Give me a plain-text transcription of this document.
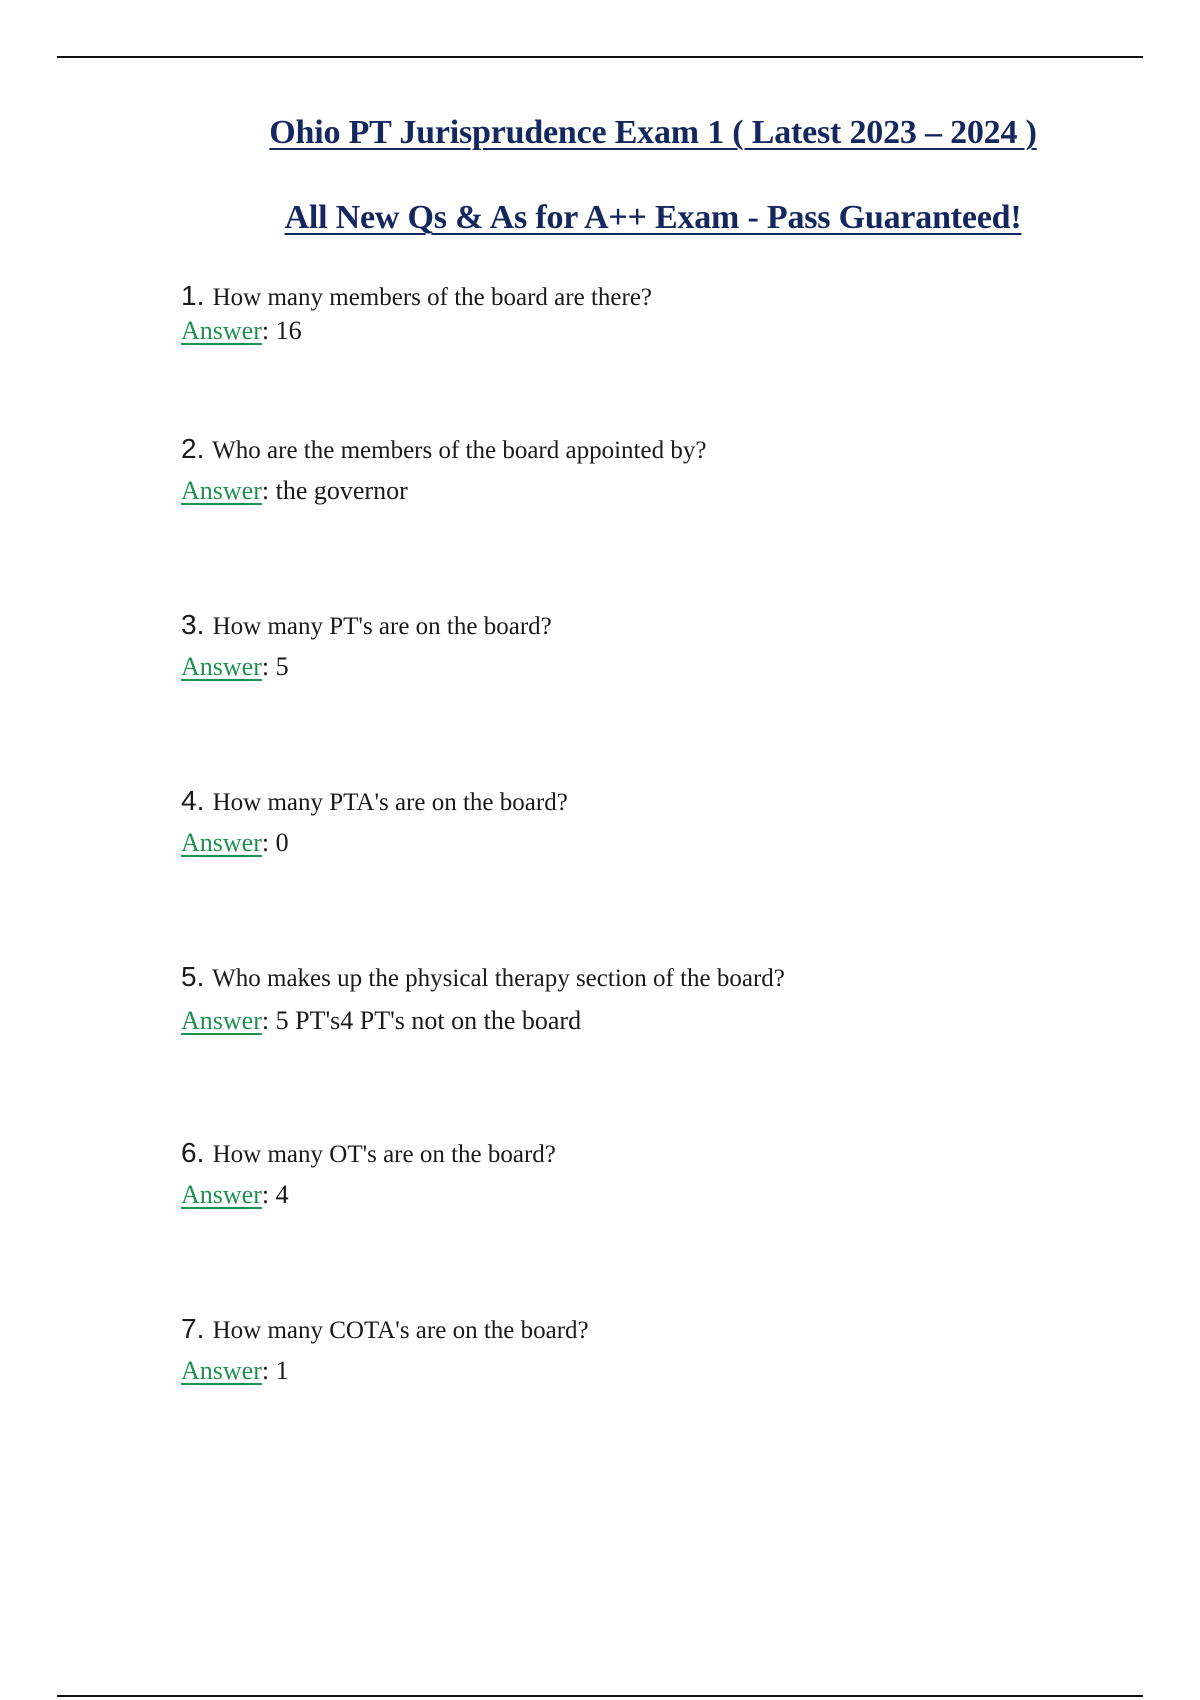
Ohio PT Jurisprudence Exam 1 ( Latest 2023 – 2024 )
All New Qs & As for A++ Exam - Pass Guaranteed!
1. How many members of the board are there?
Answer: 16
2. Who are the members of the board appointed by?
Answer: the governor
3. How many PT's are on the board?
Answer: 5
4. How many PTA's are on the board?
Answer: 0
5. Who makes up the physical therapy section of the board?
Answer: 5 PT's4 PT's not on the board
6. How many OT's are on the board?
Answer: 4
7. How many COTA's are on the board?
Answer: 1
